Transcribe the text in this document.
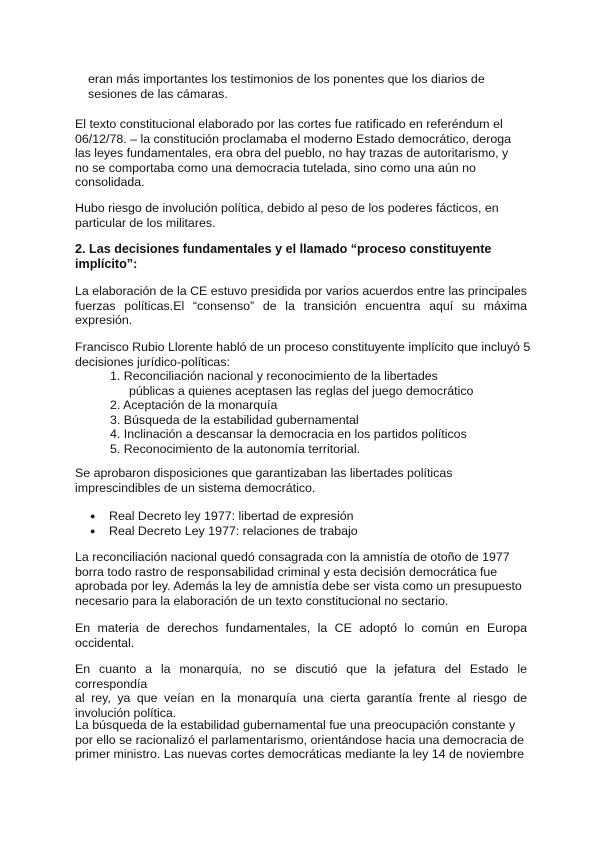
eran más importantes los testimonios de los ponentes que los diarios de
sesiones de las cámaras.
El texto constitucional elaborado por las cortes fue ratificado en referéndum el
06/12/78. – la constitución proclamaba el moderno Estado democrático, deroga
las leyes fundamentales, era obra del pueblo, no hay trazas de autoritarismo, y
no se comportaba como una democracia tutelada, sino como una aún no
consolidada.
Hubo riesgo de involución política, debido al peso de los poderes fácticos, en
particular de los militares.
2. Las decisiones fundamentales y el llamado “proceso constituyente
implícito”:
La elaboración de la CE estuvo presidida por varios acuerdos entre las principales
fuerzas políticas.El “consenso” de la transición encuentra aquí su máxima
expresión.
Francisco Rubio Llorente habló de un proceso constituyente implícito que incluyó 5
decisiones jurídico-políticas:
1. Reconciliación nacional y reconocimiento de la libertades
públicas a quienes aceptasen las reglas del juego democrático
2. Aceptación de la monarquía
3. Búsqueda de la estabilidad gubernamental
4. Inclinación a descansar la democracia en los partidos políticos
5. Reconocimiento de la autonomía territorial.
Se aprobaron disposiciones que garantizaban las libertades políticas
imprescindibles de un sistema democrático.
● Real Decreto ley 1977: libertad de expresión
● Real Decreto Ley 1977: relaciones de trabajo
La reconciliación nacional quedó consagrada con la amnistía de otoño de 1977
borra todo rastro de responsabilidad criminal y esta decisión democrática fue
aprobada por ley. Además la ley de amnistía debe ser vista como un presupuesto
necesario para la elaboración de un texto constitucional no sectario.
En materia de derechos fundamentales, la CE adoptó lo común en Europa
occidental.
En cuanto a la monarquía, no se discutió que la jefatura del Estado le correspondía
al rey, ya que veían en la monarquía una cierta garantía frente al riesgo de
involución política.
La búsqueda de la estabilidad gubernamental fue una preocupación constante y
por ello se racionalizó el parlamentarismo, orientándose hacia una democracia de
primer ministro. Las nuevas cortes democráticas mediante la ley 14 de noviembre
